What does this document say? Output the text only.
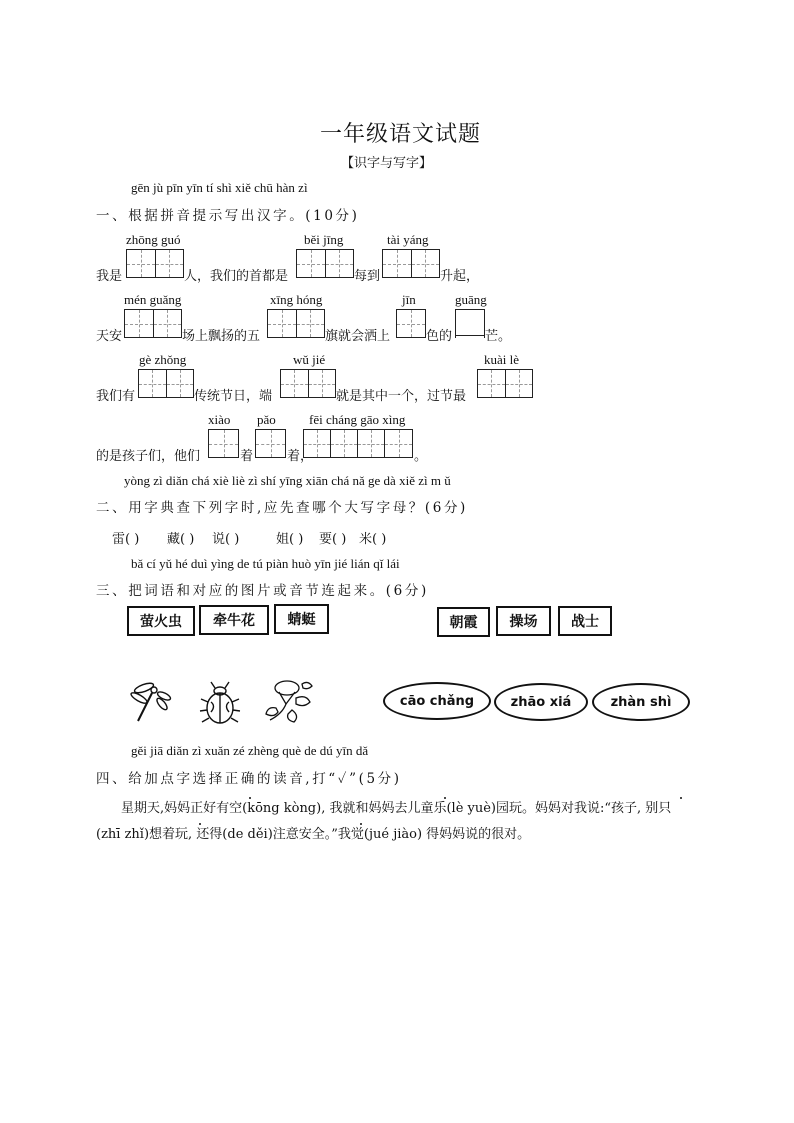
一年级语文试题
【识字与写字】
gēn jù pīn yīn tí shì xiě chū hàn zì
一、根据拼音提示写出汉字。(10分)
zhōng guó	běi jīng	tài yáng
我是	人，我们的首都是	每到	升起，
mén guǎng	xīng hóng	jīn	guāng
天安	场上飘扬的五	旗就会洒上	色的	芒。
gè zhǒng	wǔ jié	kuài lè
我们有	传统节日，端	就是其中一个，过节最
xiào pǎo	fēi cháng gāo xìng
的是孩子们，他们	着	着，	。
yòng zì diǎn chá xiè liè zì shí yīng xiān chá nǎ ge dà xiě zì m ǔ
二、用字典查下列字时,应先查哪个大写字母？(6分)
雷( ) 藏( ) 说( )	姐( ) 要( ) 米( )
bǎ cí yǔ hé duì yìng de tú piàn huò yīn jié lián qǐ lái
三、把词语和对应的图片或音节连起来。(6分)
萤火虫	牵牛花	蜻蜓	朝霞	操场	战士
cāo chǎng	zhāo xiá	zhàn shì
gěi jiā diǎn zì xuǎn zé zhèng què de dú yīn dǎ
四、给加点字选择正确的读音,打“✓”(5分)
星期天,妈妈正好有空(kōng kòng), 我就和妈妈去儿童乐(lè yuè)园玩。妈妈对我说:“孩子, 别只
(zhī zhǐ)想着玩, 还得(de děi)注意安全。”我觉(jué jiào) 得妈妈说的很对。
